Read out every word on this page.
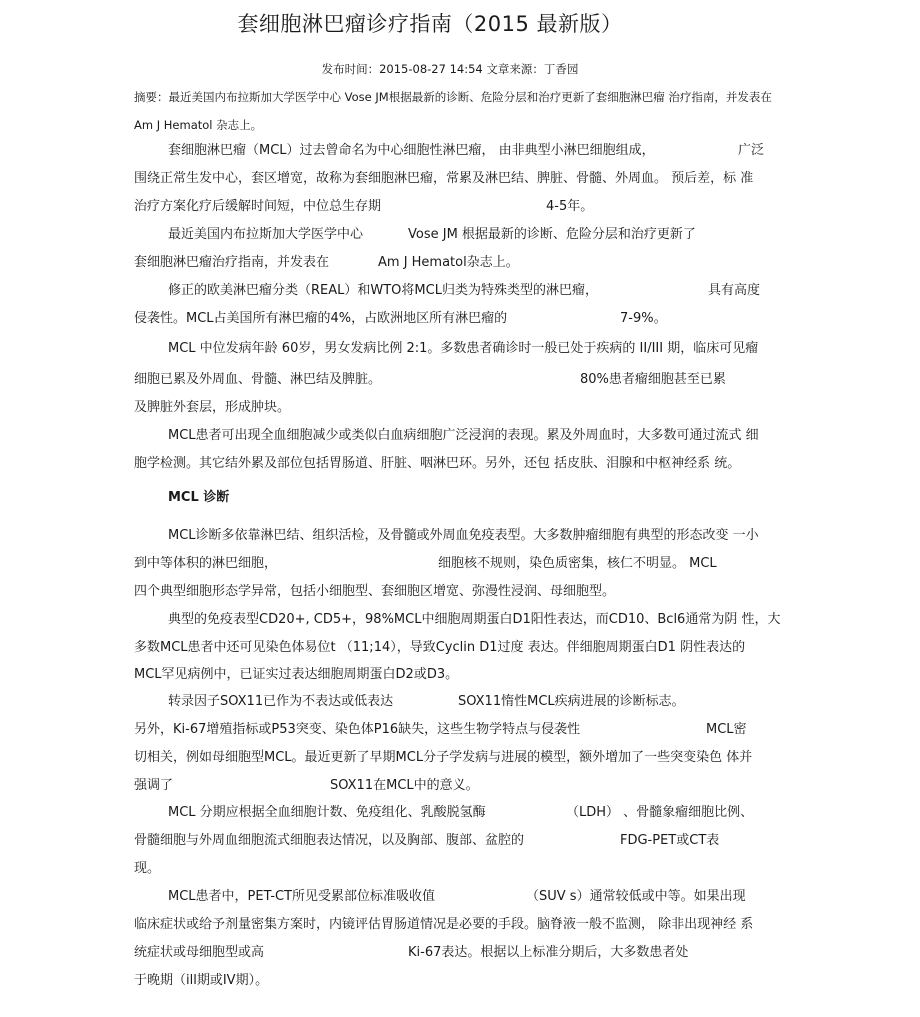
套细胞淋巴瘤诊疗指南（2015 最新版）
发布时间：2015-08-27 14:54 文章来源：丁香园
摘要：最近美国内布拉斯加大学医学中心 Vose JM根据最新的诊断、危险分层和治疗更新了套细胞淋巴瘤 治疗指南，并发表在
Am J Hematol 杂志上。
套细胞淋巴瘤（MCL）过去曾命名为中心细胞性淋巴瘤， 由非典型小淋巴细胞组成，	广泛
围绕正常生发中心，套区增宽，故称为套细胞淋巴瘤，常累及淋巴结、脾脏、骨髓、外周血。 预后差，标 准
治疗方案化疗后缓解时间短，中位总生存期	4-5年。
最近美国内布拉斯加大学医学中心	Vose JM 根据最新的诊断、危险分层和治疗更新了
套细胞淋巴瘤治疗指南，并发表在	Am J Hematol杂志上。
修正的欧美淋巴瘤分类（REAL）和WTO将MCL归类为特殊类型的淋巴瘤，	具有高度
侵袭性。MCL占美国所有淋巴瘤的4%，占欧洲地区所有淋巴瘤的	7-9%。
MCL 中位发病年龄 60岁，男女发病比例 2:1。多数患者确诊时一般已处于疾病的 II/III 期，临床可见瘤
细胞已累及外周血、骨髓、淋巴结及脾脏。	80%患者瘤细胞甚至已累
及脾脏外套层，形成肿块。
MCL患者可出现全血细胞减少或类似白血病细胞广泛浸润的表现。累及外周血时，大多数可通过流式 细
胞学检测。其它结外累及部位包括胃肠道、肝脏、咽淋巴环。另外，还包 括皮肤、泪腺和中枢神经系 统。
MCL 诊断
MCL诊断多依靠淋巴结、组织活检，及骨髓或外周血免疫表型。大多数肿瘤细胞有典型的形态改变 一小
到中等体积的淋巴细胞，	细胞核不规则，染色质密集，核仁不明显。 MCL
四个典型细胞形态学异常，包括小细胞型、套细胞区增宽、弥漫性浸润、母细胞型。
典型的免疫表型CD20+, CD5+，98%MCL中细胞周期蛋白D1阳性表达，而CD10、Bcl6通常为阴 性，大
多数MCL患者中还可见染色体易位t （11;14），导致Cyclin D1过度 表达。伴细胞周期蛋白D1 阴性表达的
MCL罕见病例中，已证实过表达细胞周期蛋白D2或D3。
转录因子SOX11已作为不表达或低表达	SOX11惰性MCL疾病进展的诊断标志。
另外，Ki-67增殖指标或P53突变、染色体P16缺失，这些生物学特点与侵袭性	MCL密
切相关，例如母细胞型MCL。最近更新了早期MCL分子学发病与进展的模型，额外增加了一些突变染色 体并
强调了	SOX11在MCL中的意义。
MCL 分期应根据全血细胞计数、免疫组化、乳酸脱氢酶	（LDH） 、骨髓象瘤细胞比例、
骨髓细胞与外周血细胞流式细胞表达情况，以及胸部、腹部、盆腔的	FDG-PET或CT表
现。
MCL患者中，PET-CT所见受累部位标准吸收值	（SUV s）通常较低或中等。如果出现
临床症状或给予剂量密集方案时，内镜评估胃肠道情况是必要的手段。脑脊液一般不监测， 除非出现神经 系
统症状或母细胞型或高	Ki-67表达。根据以上标准分期后，大多数患者处
于晚期（ill期或IV期）。
